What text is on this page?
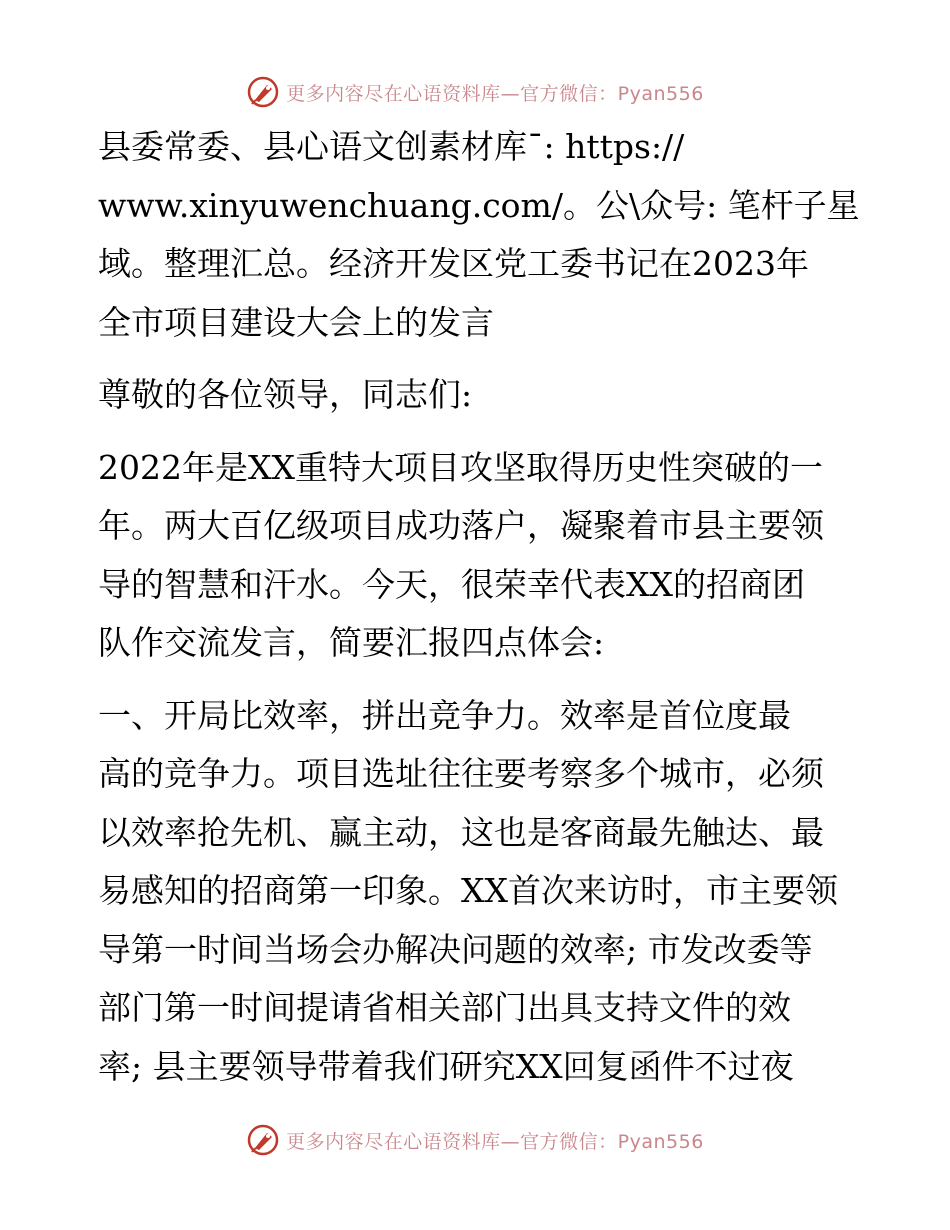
更多内容尽在心语资料库—官方微信：Pyan556

县委常委、县心语文创素材库¯: https://
www.xinyuwenchuang.com/。公\众号: 笔杆子星
域。整理汇总。经济开发区党工委书记在2023年
全市项目建设大会上的发言

尊敬的各位领导，同志们:

2022年是XX重特大项目攻坚取得历史性突破的一
年。两大百亿级项目成功落户，凝聚着市县主要领
导的智慧和汗水。今天，很荣幸代表XX的招商团
队作交流发言，简要汇报四点体会:

一、开局比效率，拼出竞争力。效率是首位度最
高的竞争力。项目选址往往要考察多个城市，必须
以效率抢先机、赢主动，这也是客商最先触达、最
易感知的招商第一印象。XX首次来访时，市主要领
导第一时间当场会办解决问题的效率; 市发改委等
部门第一时间提请省相关部门出具支持文件的效
率; 县主要领导带着我们研究XX回复函件不过夜

更多内容尽在心语资料库—官方微信：Pyan556
